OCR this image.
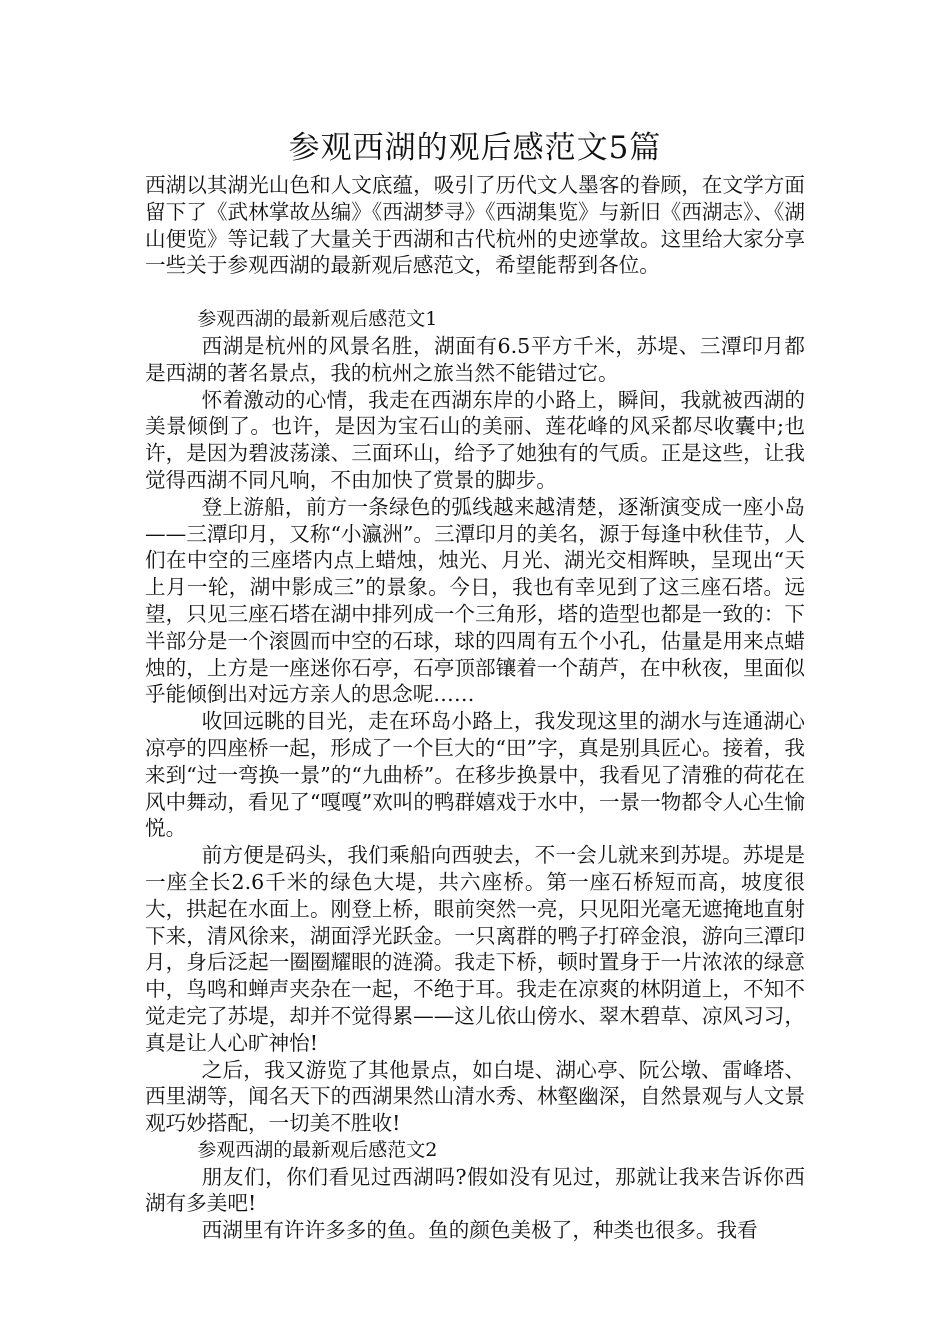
参观西湖的观后感范文5篇

西湖以其湖光山色和人文底蕴，吸引了历代文人墨客的眷顾，在文学方面留下了《武林掌故丛编》《西湖梦寻》《西湖集览》与新旧《西湖志》、《湖山便览》等记载了大量关于西湖和古代杭州的史迹掌故。这里给大家分享一些关于参观西湖的最新观后感范文，希望能帮到各位。

参观西湖的最新观后感范文1

西湖是杭州的风景名胜，湖面有6.5平方千米，苏堤、三潭印月都是西湖的著名景点，我的杭州之旅当然不能错过它。

怀着激动的心情，我走在西湖东岸的小路上，瞬间，我就被西湖的美景倾倒了。也许，是因为宝石山的美丽、莲花峰的风采都尽收囊中;也许，是因为碧波荡漾、三面环山，给予了她独有的气质。正是这些，让我觉得西湖不同凡响，不由加快了赏景的脚步。

登上游船，前方一条绿色的弧线越来越清楚，逐渐演变成一座小岛——三潭印月，又称“小瀛洲”。三潭印月的美名，源于每逢中秋佳节，人们在中空的三座塔内点上蜡烛，烛光、月光、湖光交相辉映，呈现出“天上月一轮，湖中影成三”的景象。今日，我也有幸见到了这三座石塔。远望，只见三座石塔在湖中排列成一个三角形，塔的造型也都是一致的：下半部分是一个滚圆而中空的石球，球的四周有五个小孔，估量是用来点蜡烛的，上方是一座迷你石亭，石亭顶部镶着一个葫芦，在中秋夜，里面似乎能倾倒出对远方亲人的思念呢……

收回远眺的目光，走在环岛小路上，我发现这里的湖水与连通湖心凉亭的四座桥一起，形成了一个巨大的“田”字，真是别具匠心。接着，我来到“过一弯换一景”的“九曲桥”。在移步换景中，我看见了清雅的荷花在风中舞动，看见了“嘎嘎”欢叫的鸭群嬉戏于水中，一景一物都令人心生愉悦。

前方便是码头，我们乘船向西驶去，不一会儿就来到苏堤。苏堤是一座全长2.6千米的绿色大堤，共六座桥。第一座石桥短而高，坡度很大，拱起在水面上。刚登上桥，眼前突然一亮，只见阳光毫无遮掩地直射下来，清风徐来，湖面浮光跃金。一只离群的鸭子打碎金浪，游向三潭印月，身后泛起一圈圈耀眼的涟漪。我走下桥，顿时置身于一片浓浓的绿意中，鸟鸣和蝉声夹杂在一起，不绝于耳。我走在凉爽的林阴道上，不知不觉走完了苏堤，却并不觉得累——这儿依山傍水、翠木碧草、凉风习习，真是让人心旷神怡!

之后，我又游览了其他景点，如白堤、湖心亭、阮公墩、雷峰塔、西里湖等，闻名天下的西湖果然山清水秀、林壑幽深，自然景观与人文景观巧妙搭配，一切美不胜收!

参观西湖的最新观后感范文2

朋友们，你们看见过西湖吗?假如没有见过，那就让我来告诉你西湖有多美吧!

西湖里有许许多多的鱼。鱼的颜色美极了，种类也很多。我看
